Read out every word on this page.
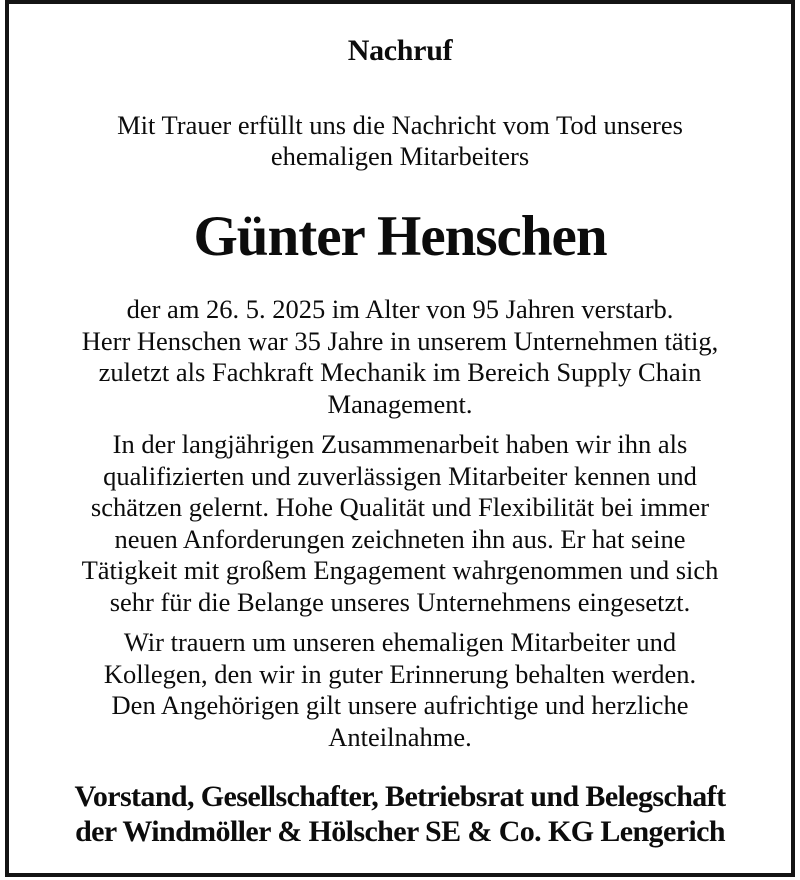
Nachruf
Mit Trauer erfüllt uns die Nachricht vom Tod unseres
ehemaligen Mitarbeiters
Günter Henschen
der am 26. 5. 2025 im Alter von 95 Jahren verstarb.
Herr Henschen war 35 Jahre in unserem Unternehmen tätig,
zuletzt als Fachkraft Mechanik im Bereich Supply Chain
Management.
In der langjährigen Zusammenarbeit haben wir ihn als
qualifizierten und zuverlässigen Mitarbeiter kennen und
schätzen gelernt. Hohe Qualität und Flexibilität bei immer
neuen Anforderungen zeichneten ihn aus. Er hat seine
Tätigkeit mit großem Engagement wahrgenommen und sich
sehr für die Belange unseres Unternehmens eingesetzt.
Wir trauern um unseren ehemaligen Mitarbeiter und
Kollegen, den wir in guter Erinnerung behalten werden.
Den Angehörigen gilt unsere aufrichtige und herzliche
Anteilnahme.
Vorstand, Gesellschafter, Betriebsrat und Belegschaft
der Windmöller & Hölscher SE & Co. KG Lengerich
